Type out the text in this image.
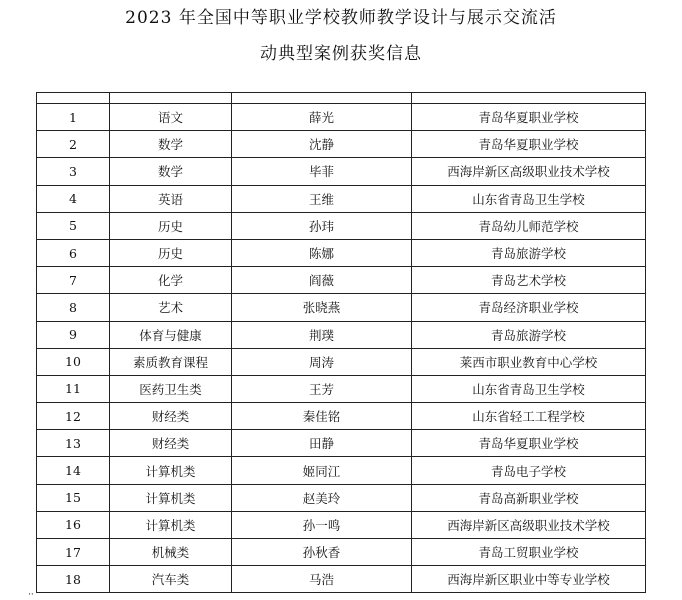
2023 年全国中等职业学校教师教学设计与展示交流活
动典型案例获奖信息

1	语文	薛光	青岛华夏职业学校
2	数学	沈静	青岛华夏职业学校
3	数学	毕菲	西海岸新区高级职业技术学校
4	英语	王维	山东省青岛卫生学校
5	历史	孙玮	青岛幼儿师范学校
6	历史	陈娜	青岛旅游学校
7	化学	阎薇	青岛艺术学校
8	艺术	张晓燕	青岛经济职业学校
9	体育与健康	荆璞	青岛旅游学校
10	素质教育课程	周涛	莱西市职业教育中心学校
11	医药卫生类	王芳	山东省青岛卫生学校
12	财经类	秦佳铭	山东省轻工工程学校
13	财经类	田静	青岛华夏职业学校
14	计算机类	姬同江	青岛电子学校
15	计算机类	赵美玲	青岛高新职业学校
16	计算机类	孙一鸣	西海岸新区高级职业技术学校
17	机械类	孙秋香	青岛工贸职业学校
18	汽车类	马浩	西海岸新区职业中等专业学校
··
